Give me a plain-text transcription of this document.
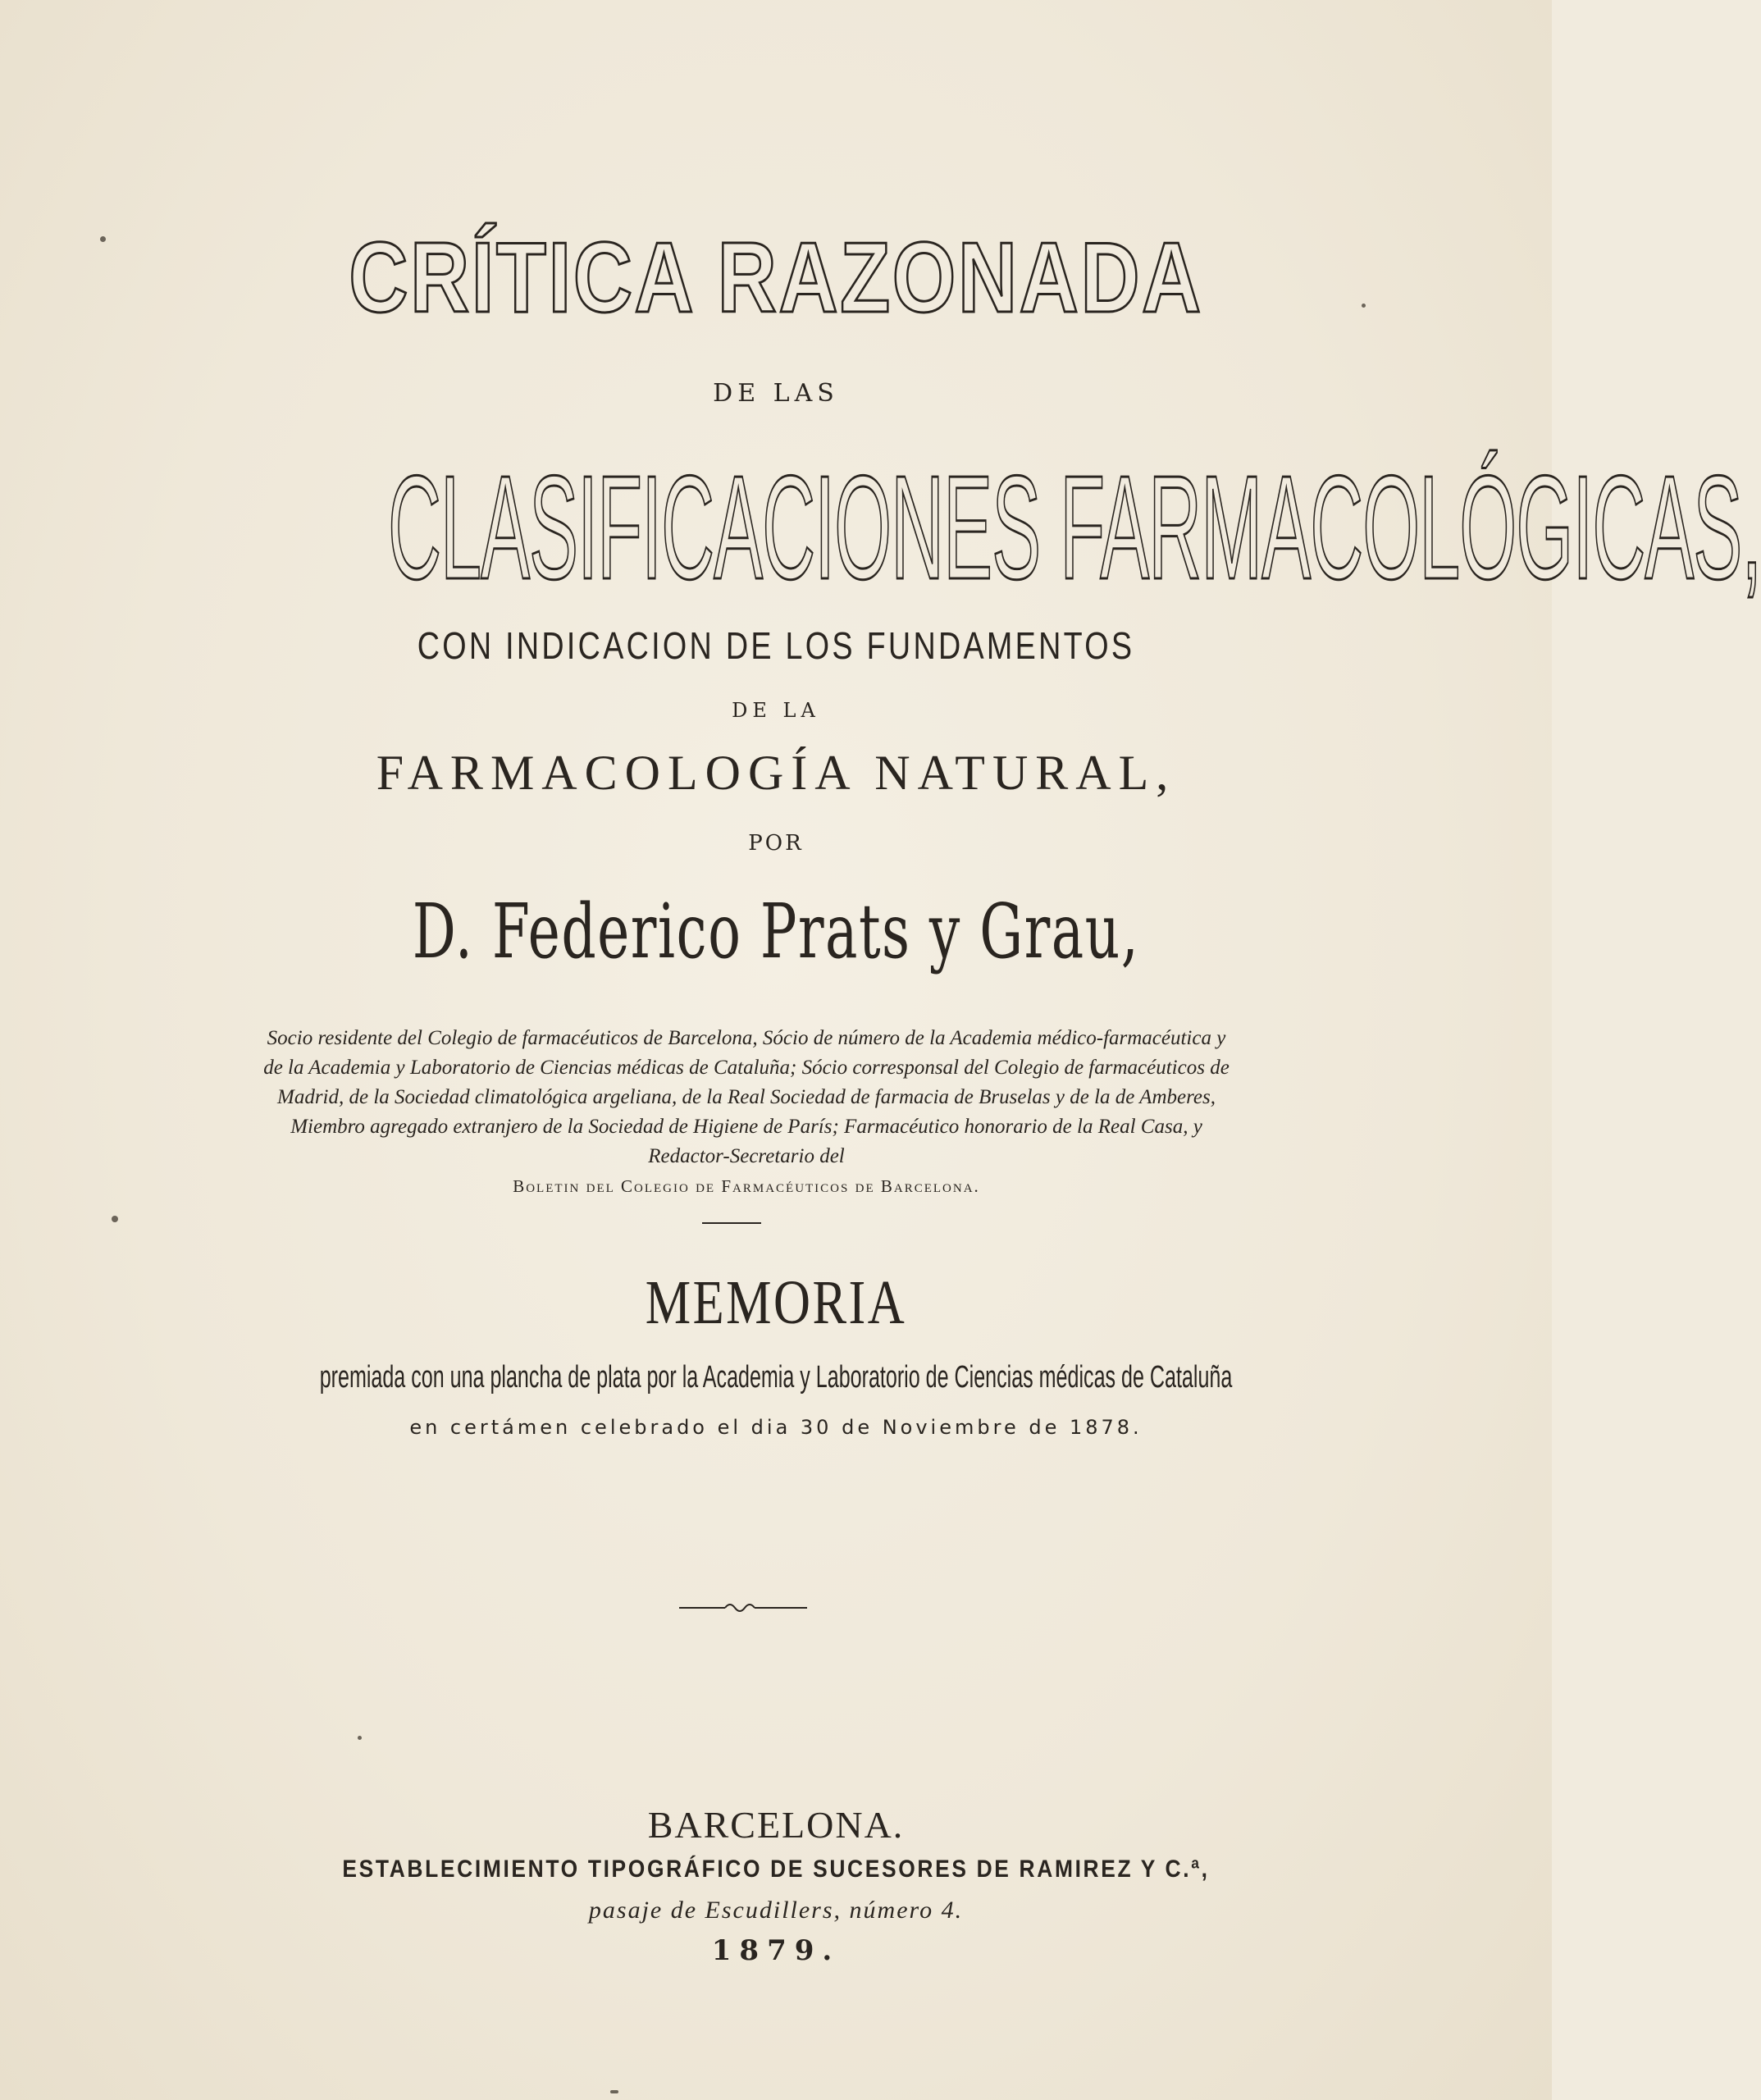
CRÍTICA RAZONADA
DE LAS
CLASIFICACIONES FARMACOLÓGICAS,
CON INDICACION DE LOS FUNDAMENTOS
DE LA
FARMACOLOGÍA NATURAL,
POR
D. Federico Prats y Grau,
Socio residente del Colegio de farmacéuticos de Barcelona, Sócio de número de la Academia médico-farmacéutica y de la Academia y Laboratorio de Ciencias médicas de Cataluña; Sócio corresponsal del Colegio de farmacéuticos de Madrid, de la Sociedad climatológica argeliana, de la Real Sociedad de farmacia de Bruselas y de la de Amberes, Miembro agregado extranjero de la Sociedad de Higiene de París; Farmacéutico honorario de la Real Casa, y Redactor-Secretario del
Boletin del Colegio de Farmacéuticos de Barcelona.
MEMORIA
premiada con una plancha de plata por la Academia y Laboratorio de Ciencias médicas de Cataluña
en certámen celebrado el dia 30 de Noviembre de 1878.
BARCELONA.
ESTABLECIMIENTO TIPOGRÁFICO DE SUCESORES DE RAMIREZ Y C.ª,
pasaje de Escudillers, número 4.
1879.
